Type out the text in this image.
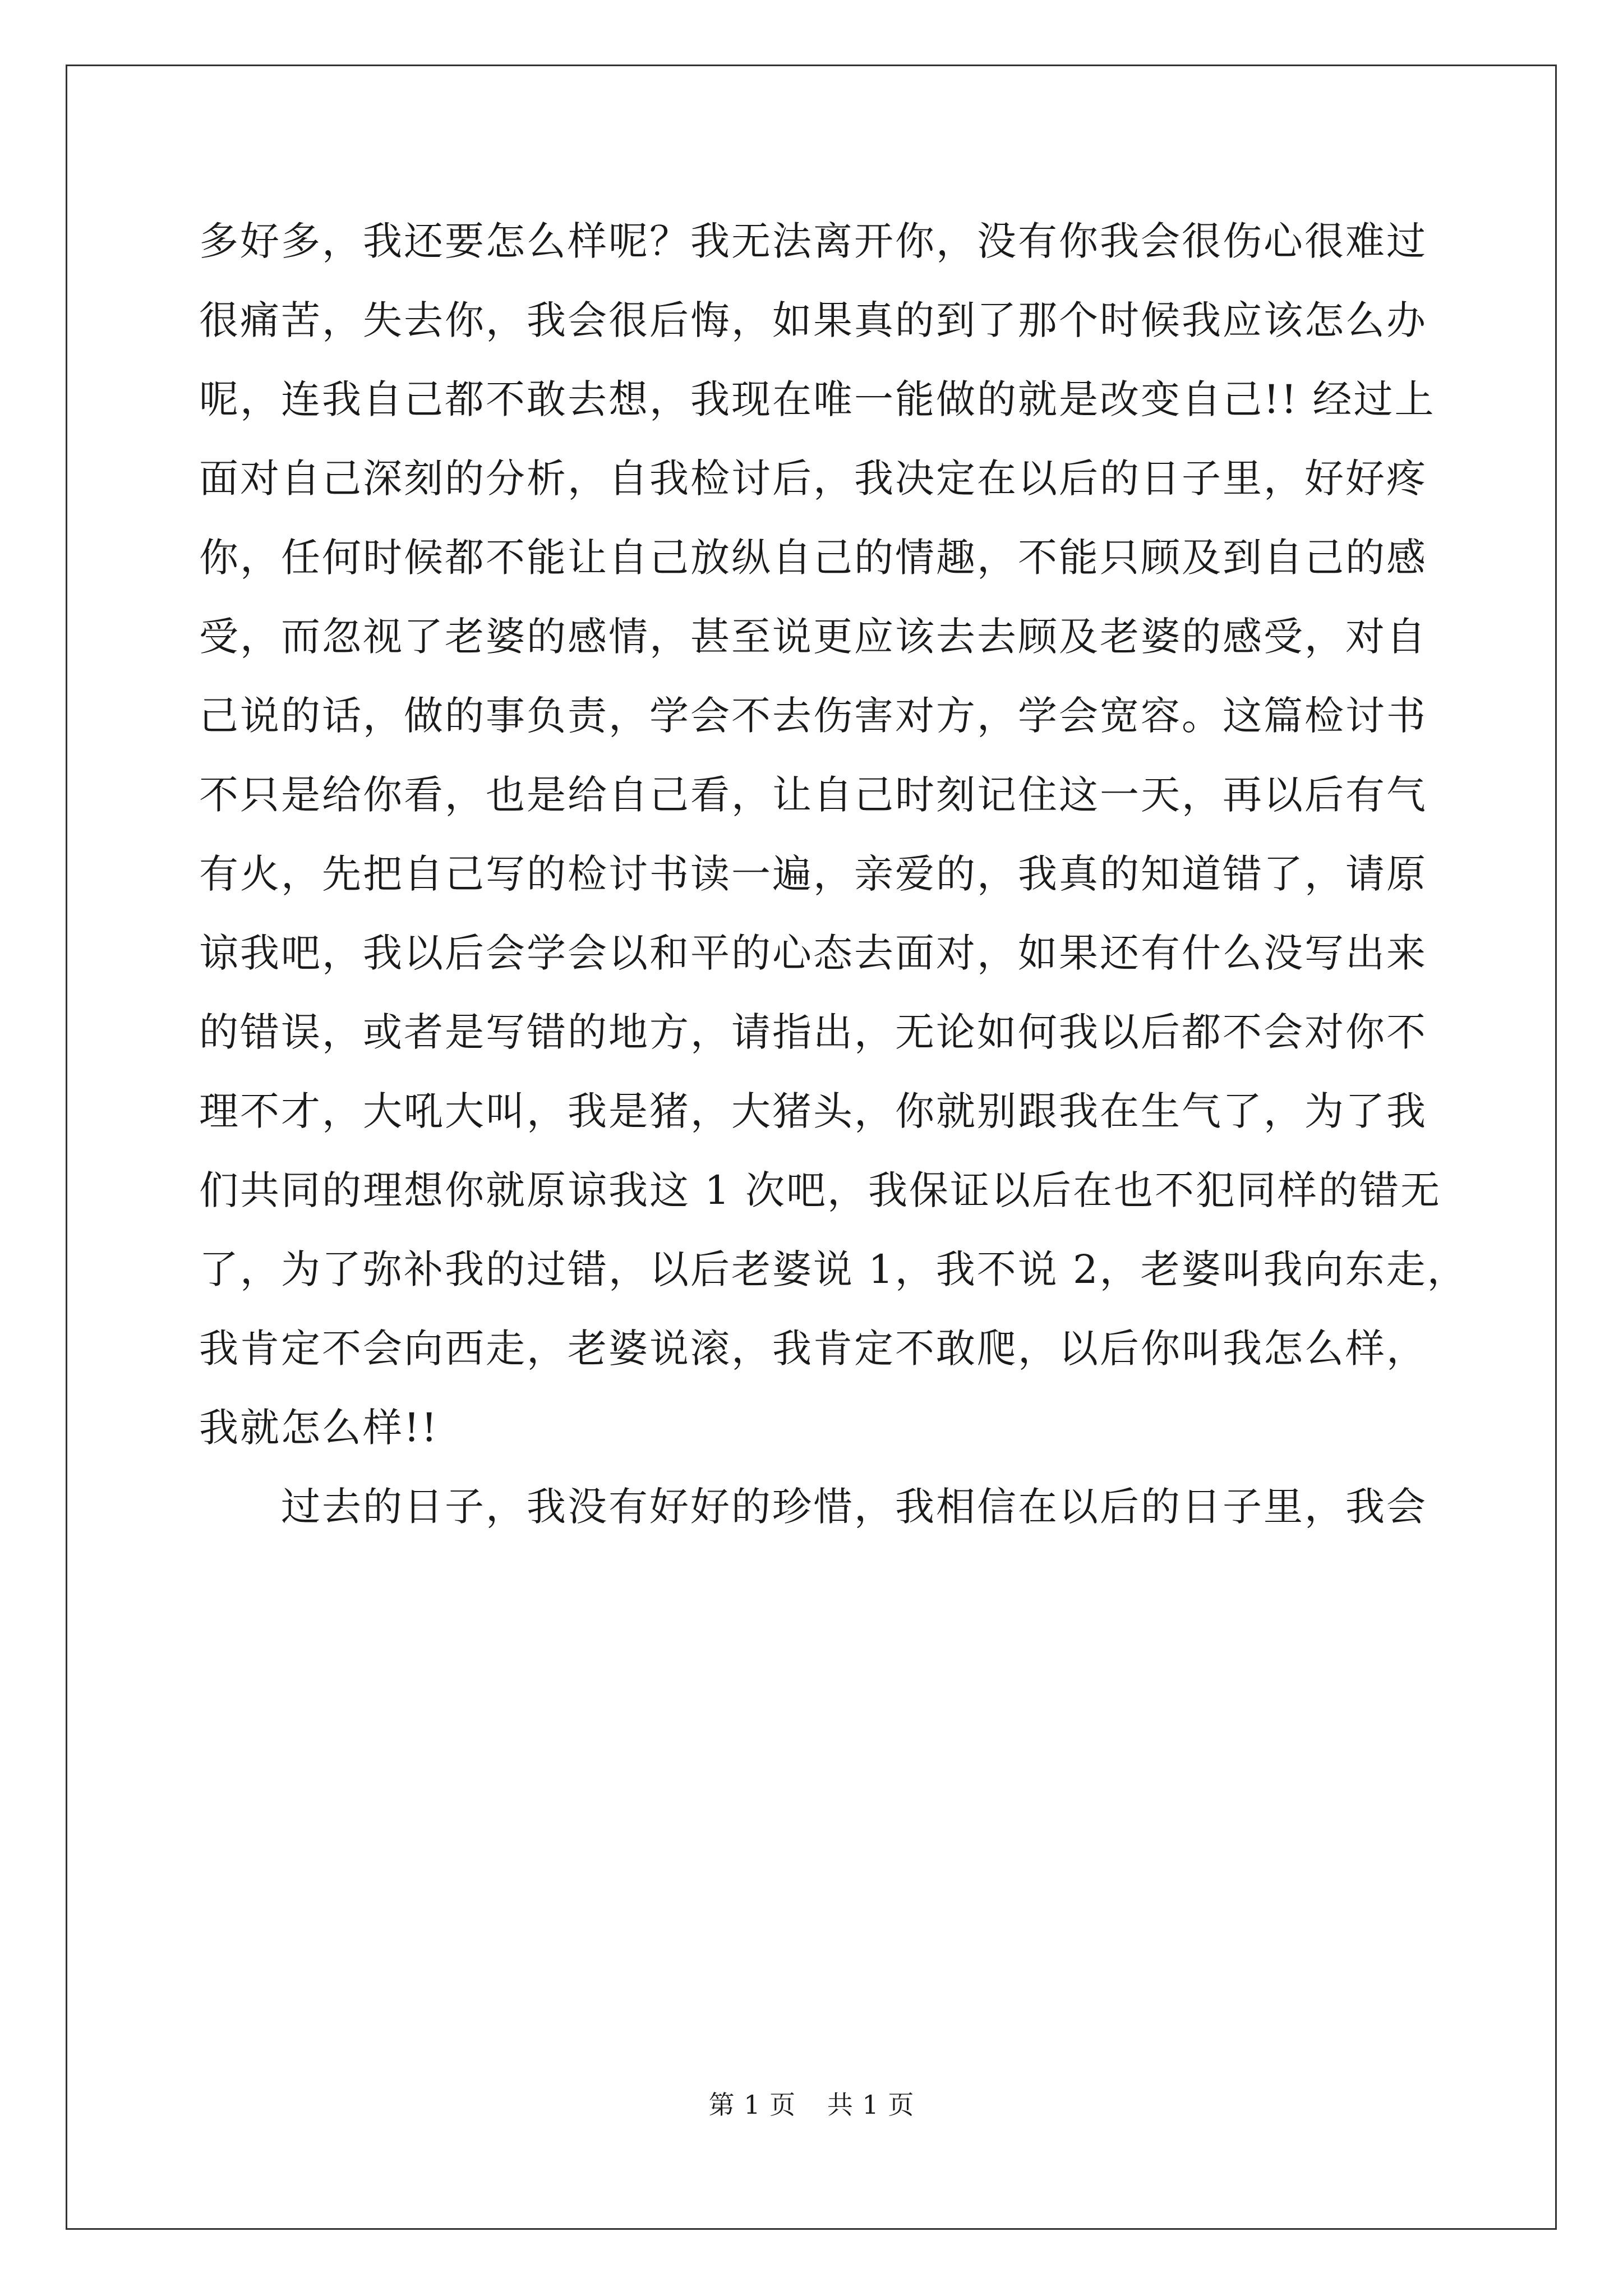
多好多，我还要怎么样呢？我无法离开你，没有你我会很伤心很难过
很痛苦，失去你，我会很后悔，如果真的到了那个时候我应该怎么办
呢，连我自己都不敢去想，我现在唯一能做的就是改变自己!! 经过上
面对自己深刻的分析，自我检讨后，我决定在以后的日子里，好好疼
你，任何时候都不能让自己放纵自己的情趣，不能只顾及到自己的感
受，而忽视了老婆的感情，甚至说更应该去去顾及老婆的感受，对自
己说的话，做的事负责，学会不去伤害对方，学会宽容。这篇检讨书
不只是给你看，也是给自己看，让自己时刻记住这一天，再以后有气
有火，先把自己写的检讨书读一遍，亲爱的，我真的知道错了，请原
谅我吧，我以后会学会以和平的心态去面对，如果还有什么没写出来
的错误，或者是写错的地方，请指出，无论如何我以后都不会对你不
理不才，大吼大叫，我是猪，大猪头，你就别跟我在生气了，为了我
们共同的理想你就原谅我这 1 次吧，我保证以后在也不犯同样的错无
了，为了弥补我的过错，以后老婆说 1，我不说 2，老婆叫我向东走，
我肯定不会向西走，老婆说滚，我肯定不敢爬，以后你叫我怎么样，
我就怎么样!!
　　过去的日子，我没有好好的珍惜，我相信在以后的日子里，我会
第 1 页 共 1 页
